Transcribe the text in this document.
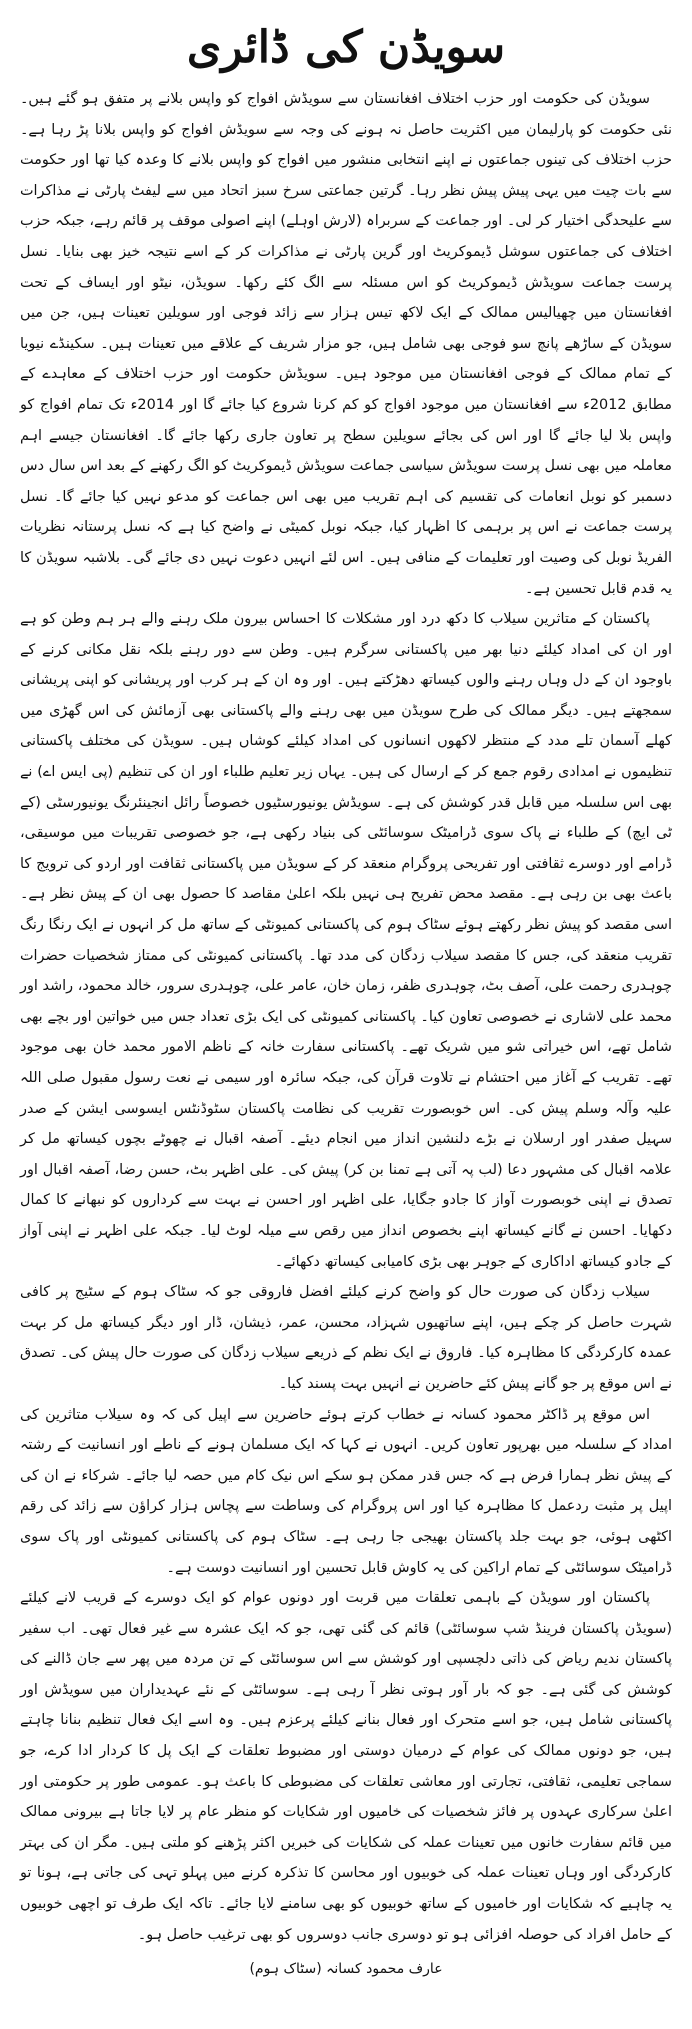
سویڈن کی ڈائری

سویڈن کی حکومت اور حزب اختلاف افغانستان سے سویڈش افواج کو واپس بلانے پر متفق ہو گئے ہیں۔ نئی حکومت کو پارلیمان میں اکثریت حاصل نہ ہونے کی وجہ سے سویڈش افواج کو واپس بلانا پڑ رہا ہے۔ حزب اختلاف کی تینوں جماعتوں نے اپنے انتخابی منشور میں افواج کو واپس بلانے کا وعدہ کیا تھا اور حکومت سے بات چیت میں یہی پیش پیش نظر رہا۔ گرتین جماعتی سرخ سبز اتحاد میں سے لیفٹ پارٹی نے مذاکرات سے علیحدگی اختیار کر لی۔ اور جماعت کے سربراہ (لارش اوہلے) اپنے اصولی موقف پر قائم رہے، جبکہ حزب اختلاف کی جماعتوں سوشل ڈیموکریٹ اور گرین پارٹی نے مذاکرات کر کے اسے نتیجہ خیز بھی بنایا۔ نسل پرست جماعت سویڈش ڈیموکریٹ کو اس مسئلہ سے الگ کئے رکھا۔ سویڈن، نیٹو اور ایساف کے تحت افغانستان میں چھیالیس ممالک کے ایک لاکھ تیس ہزار سے زائد فوجی اور سویلین تعینات ہیں، جن میں سویڈن کے ساڑھے پانچ سو فوجی بھی شامل ہیں، جو مزار شریف کے علاقے میں تعینات ہیں۔ سکینڈے نیویا کے تمام ممالک کے فوجی افغانستان میں موجود ہیں۔ سویڈش حکومت اور حزب اختلاف کے معاہدے کے مطابق 2012ء سے افغانستان میں موجود افواج کو کم کرنا شروع کیا جائے گا اور 2014ء تک تمام افواج کو واپس بلا لیا جائے گا اور اس کی بجائے سویلین سطح پر تعاون جاری رکھا جائے گا۔ افغانستان جیسے اہم معاملہ میں بھی نسل پرست سویڈش سیاسی جماعت سویڈش ڈیموکریٹ کو الگ رکھنے کے بعد اس سال دس دسمبر کو نوبل انعامات کی تقسیم کی اہم تقریب میں بھی اس جماعت کو مدعو نہیں کیا جائے گا۔ نسل پرست جماعت نے اس پر برہمی کا اظہار کیا، جبکہ نوبل کمیٹی نے واضح کیا ہے کہ نسل پرستانہ نظریات الفریڈ نوبل کی وصیت اور تعلیمات کے منافی ہیں۔ اس لئے انہیں دعوت نہیں دی جائے گی۔ بلاشبہ سویڈن کا یہ قدم قابل تحسین ہے۔

پاکستان کے متاثرین سیلاب کا دکھ درد اور مشکلات کا احساس بیرون ملک رہنے والے ہر ہم وطن کو ہے اور ان کی امداد کیلئے دنیا بھر میں پاکستانی سرگرم ہیں۔ وطن سے دور رہنے بلکہ نقل مکانی کرنے کے باوجود ان کے دل وہاں رہنے والوں کیساتھ دھڑکتے ہیں۔ اور وہ ان کے ہر کرب اور پریشانی کو اپنی پریشانی سمجھتے ہیں۔ دیگر ممالک کی طرح سویڈن میں بھی رہنے والے پاکستانی بھی آزمائش کی اس گھڑی میں کھلے آسمان تلے مدد کے منتظر لاکھوں انسانوں کی امداد کیلئے کوشاں ہیں۔ سویڈن کی مختلف پاکستانی تنظیموں نے امدادی رقوم جمع کر کے ارسال کی ہیں۔ یہاں زیر تعلیم طلباء اور ان کی تنظیم (پی ایس اے) نے بھی اس سلسلہ میں قابل قدر کوشش کی ہے۔ سویڈش یونیورسٹیوں خصوصاً رائل انجینئرنگ یونیورسٹی (کے ٹی ایچ) کے طلباء نے پاک سوی ڈرامیٹک سوسائٹی کی بنیاد رکھی ہے، جو خصوصی تقریبات میں موسیقی، ڈرامے اور دوسرے ثقافتی اور تفریحی پروگرام منعقد کر کے سویڈن میں پاکستانی ثقافت اور اردو کی ترویج کا باعث بھی بن رہی ہے۔ مقصد محض تفریح ہی نہیں بلکہ اعلیٰ مقاصد کا حصول بھی ان کے پیش نظر ہے۔ اسی مقصد کو پیش نظر رکھتے ہوئے سٹاک ہوم کی پاکستانی کمیونٹی کے ساتھ مل کر انہوں نے ایک رنگا رنگ تقریب منعقد کی، جس کا مقصد سیلاب زدگان کی مدد تھا۔ پاکستانی کمیونٹی کی ممتاز شخصیات حضرات چوہدری رحمت علی، آصف بٹ، چوہدری ظفر، زمان خان، عامر علی، چوہدری سرور، خالد محمود، راشد اور محمد علی لاشاری نے خصوصی تعاون کیا۔ پاکستانی کمیونٹی کی ایک بڑی تعداد جس میں خواتین اور بچے بھی شامل تھے، اس خیراتی شو میں شریک تھے۔ پاکستانی سفارت خانہ کے ناظم الامور محمد خان بھی موجود تھے۔ تقریب کے آغاز میں احتشام نے تلاوت قرآن کی، جبکہ سائرہ اور سیمی نے نعت رسول مقبول صلی اللہ علیہ وآلہ وسلم پیش کی۔ اس خوبصورت تقریب کی نظامت پاکستان سٹوڈنٹس ایسوسی ایشن کے صدر سہیل صفدر اور ارسلان نے بڑے دلنشین انداز میں انجام دیئے۔ آصفہ اقبال نے چھوٹے بچوں کیساتھ مل کر علامہ اقبال کی مشہور دعا (لب پہ آتی ہے تمنا بن کر) پیش کی۔ علی اظہر بٹ، حسن رضا، آصفہ اقبال اور تصدق نے اپنی خوبصورت آواز کا جادو جگایا، علی اظہر اور احسن نے بہت سے کرداروں کو نبھانے کا کمال دکھایا۔ احسن نے گانے کیساتھ اپنے بخصوص انداز میں رقص سے میلہ لوٹ لیا۔ جبکہ علی اظہر نے اپنی آواز کے جادو کیساتھ اداکاری کے جوہر بھی بڑی کامیابی کیساتھ دکھائے۔

سیلاب زدگان کی صورت حال کو واضح کرنے کیلئے افضل فاروقی جو کہ سٹاک ہوم کے سٹیج پر کافی شہرت حاصل کر چکے ہیں، اپنے ساتھیوں شہزاد، محسن، عمر، ذیشان، ڈار اور دیگر کیساتھ مل کر بہت عمدہ کارکردگی کا مظاہرہ کیا۔ فاروق نے ایک نظم کے ذریعے سیلاب زدگان کی صورت حال پیش کی۔ تصدق نے اس موقع پر جو گانے پیش کئے حاضرین نے انہیں بہت پسند کیا۔

اس موقع پر ڈاکٹر محمود کسانہ نے خطاب کرتے ہوئے حاضرین سے اپیل کی کہ وہ سیلاب متاثرین کی امداد کے سلسلہ میں بھرپور تعاون کریں۔ انہوں نے کہا کہ ایک مسلمان ہونے کے ناطے اور انسانیت کے رشتہ کے پیش نظر ہمارا فرض ہے کہ جس قدر ممکن ہو سکے اس نیک کام میں حصہ لیا جائے۔ شرکاء نے ان کی اپیل پر مثبت ردعمل کا مظاہرہ کیا اور اس پروگرام کی وساطت سے پچاس ہزار کراؤن سے زائد کی رقم اکٹھی ہوئی، جو بہت جلد پاکستان بھیجی جا رہی ہے۔ سٹاک ہوم کی پاکستانی کمیونٹی اور پاک سوی ڈرامیٹک سوسائٹی کے تمام اراکین کی یہ کاوش قابل تحسین اور انسانیت دوست ہے۔

پاکستان اور سویڈن کے باہمی تعلقات میں قربت اور دونوں عوام کو ایک دوسرے کے قریب لانے کیلئے (سویڈن پاکستان فرینڈ شپ سوسائٹی) قائم کی گئی تھی، جو کہ ایک عشرہ سے غیر فعال تھی۔ اب سفیر پاکستان ندیم ریاض کی ذاتی دلچسپی اور کوشش سے اس سوسائٹی کے تن مردہ میں پھر سے جان ڈالنے کی کوشش کی گئی ہے۔ جو کہ بار آور ہوتی نظر آ رہی ہے۔ سوسائٹی کے نئے عہدیداران میں سویڈش اور پاکستانی شامل ہیں، جو اسے متحرک اور فعال بنانے کیلئے پرعزم ہیں۔ وہ اسے ایک فعال تنظیم بنانا چاہتے ہیں، جو دونوں ممالک کی عوام کے درمیان دوستی اور مضبوط تعلقات کے ایک پل کا کردار ادا کرے، جو سماجی تعلیمی، ثقافتی، تجارتی اور معاشی تعلقات کی مضبوطی کا باعث ہو۔ عمومی طور پر حکومتی اور اعلیٰ سرکاری عہدوں پر فائز شخصیات کی خامیوں اور شکایات کو منظر عام پر لایا جاتا ہے بیرونی ممالک میں قائم سفارت خانوں میں تعینات عملہ کی شکایات کی خبریں اکثر پڑھنے کو ملتی ہیں۔ مگر ان کی بہتر کارکردگی اور وہاں تعینات عملہ کی خوبیوں اور محاسن کا تذکرہ کرنے میں پہلو تہی کی جاتی ہے، ہونا تو یہ چاہیے کہ شکایات اور خامیوں کے ساتھ خوبیوں کو بھی سامنے لایا جائے۔ تاکہ ایک طرف تو اچھی خوبیوں کے حامل افراد کی حوصلہ افزائی ہو تو دوسری جانب دوسروں کو بھی ترغیب حاصل ہو۔

عارف محمود کسانہ (سٹاک ہوم)
